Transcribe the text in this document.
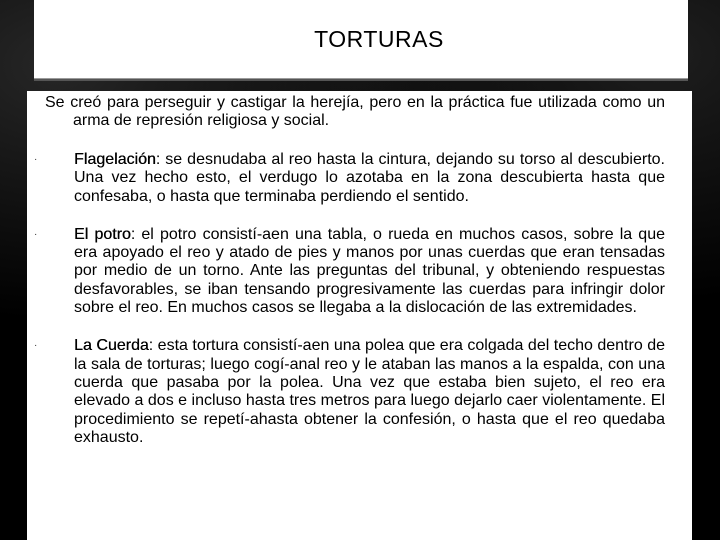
TORTURAS

Se creó para perseguir y castigar la herejía, pero en la práctica fue utilizada como un arma de represión religiosa y social.

· Flagelación: se desnudaba al reo hasta la cintura, dejando su torso al descubierto. Una vez hecho esto, el verdugo lo azotaba en la zona descubierta hasta que confesaba, o hasta que terminaba perdiendo el sentido.

· El potro: el potro consistí-aen una tabla, o rueda en muchos casos, sobre la que era apoyado el reo y atado de pies y manos por unas cuerdas que eran tensadas por medio de un torno. Ante las preguntas del tribunal, y obteniendo respuestas desfavorables, se iban tensando progresivamente las cuerdas para infringir dolor sobre el reo. En muchos casos se llegaba a la dislocación de las extremidades.

· La Cuerda: esta tortura consistí-aen una polea que era colgada del techo dentro de la sala de torturas; luego cogí-anal reo y le ataban las manos a la espalda, con una cuerda que pasaba por la polea. Una vez que estaba bien sujeto, el reo era elevado a dos e incluso hasta tres metros para luego dejarlo caer violentamente. El procedimiento se repetí-ahasta obtener la confesión, o hasta que el reo quedaba exhausto.
